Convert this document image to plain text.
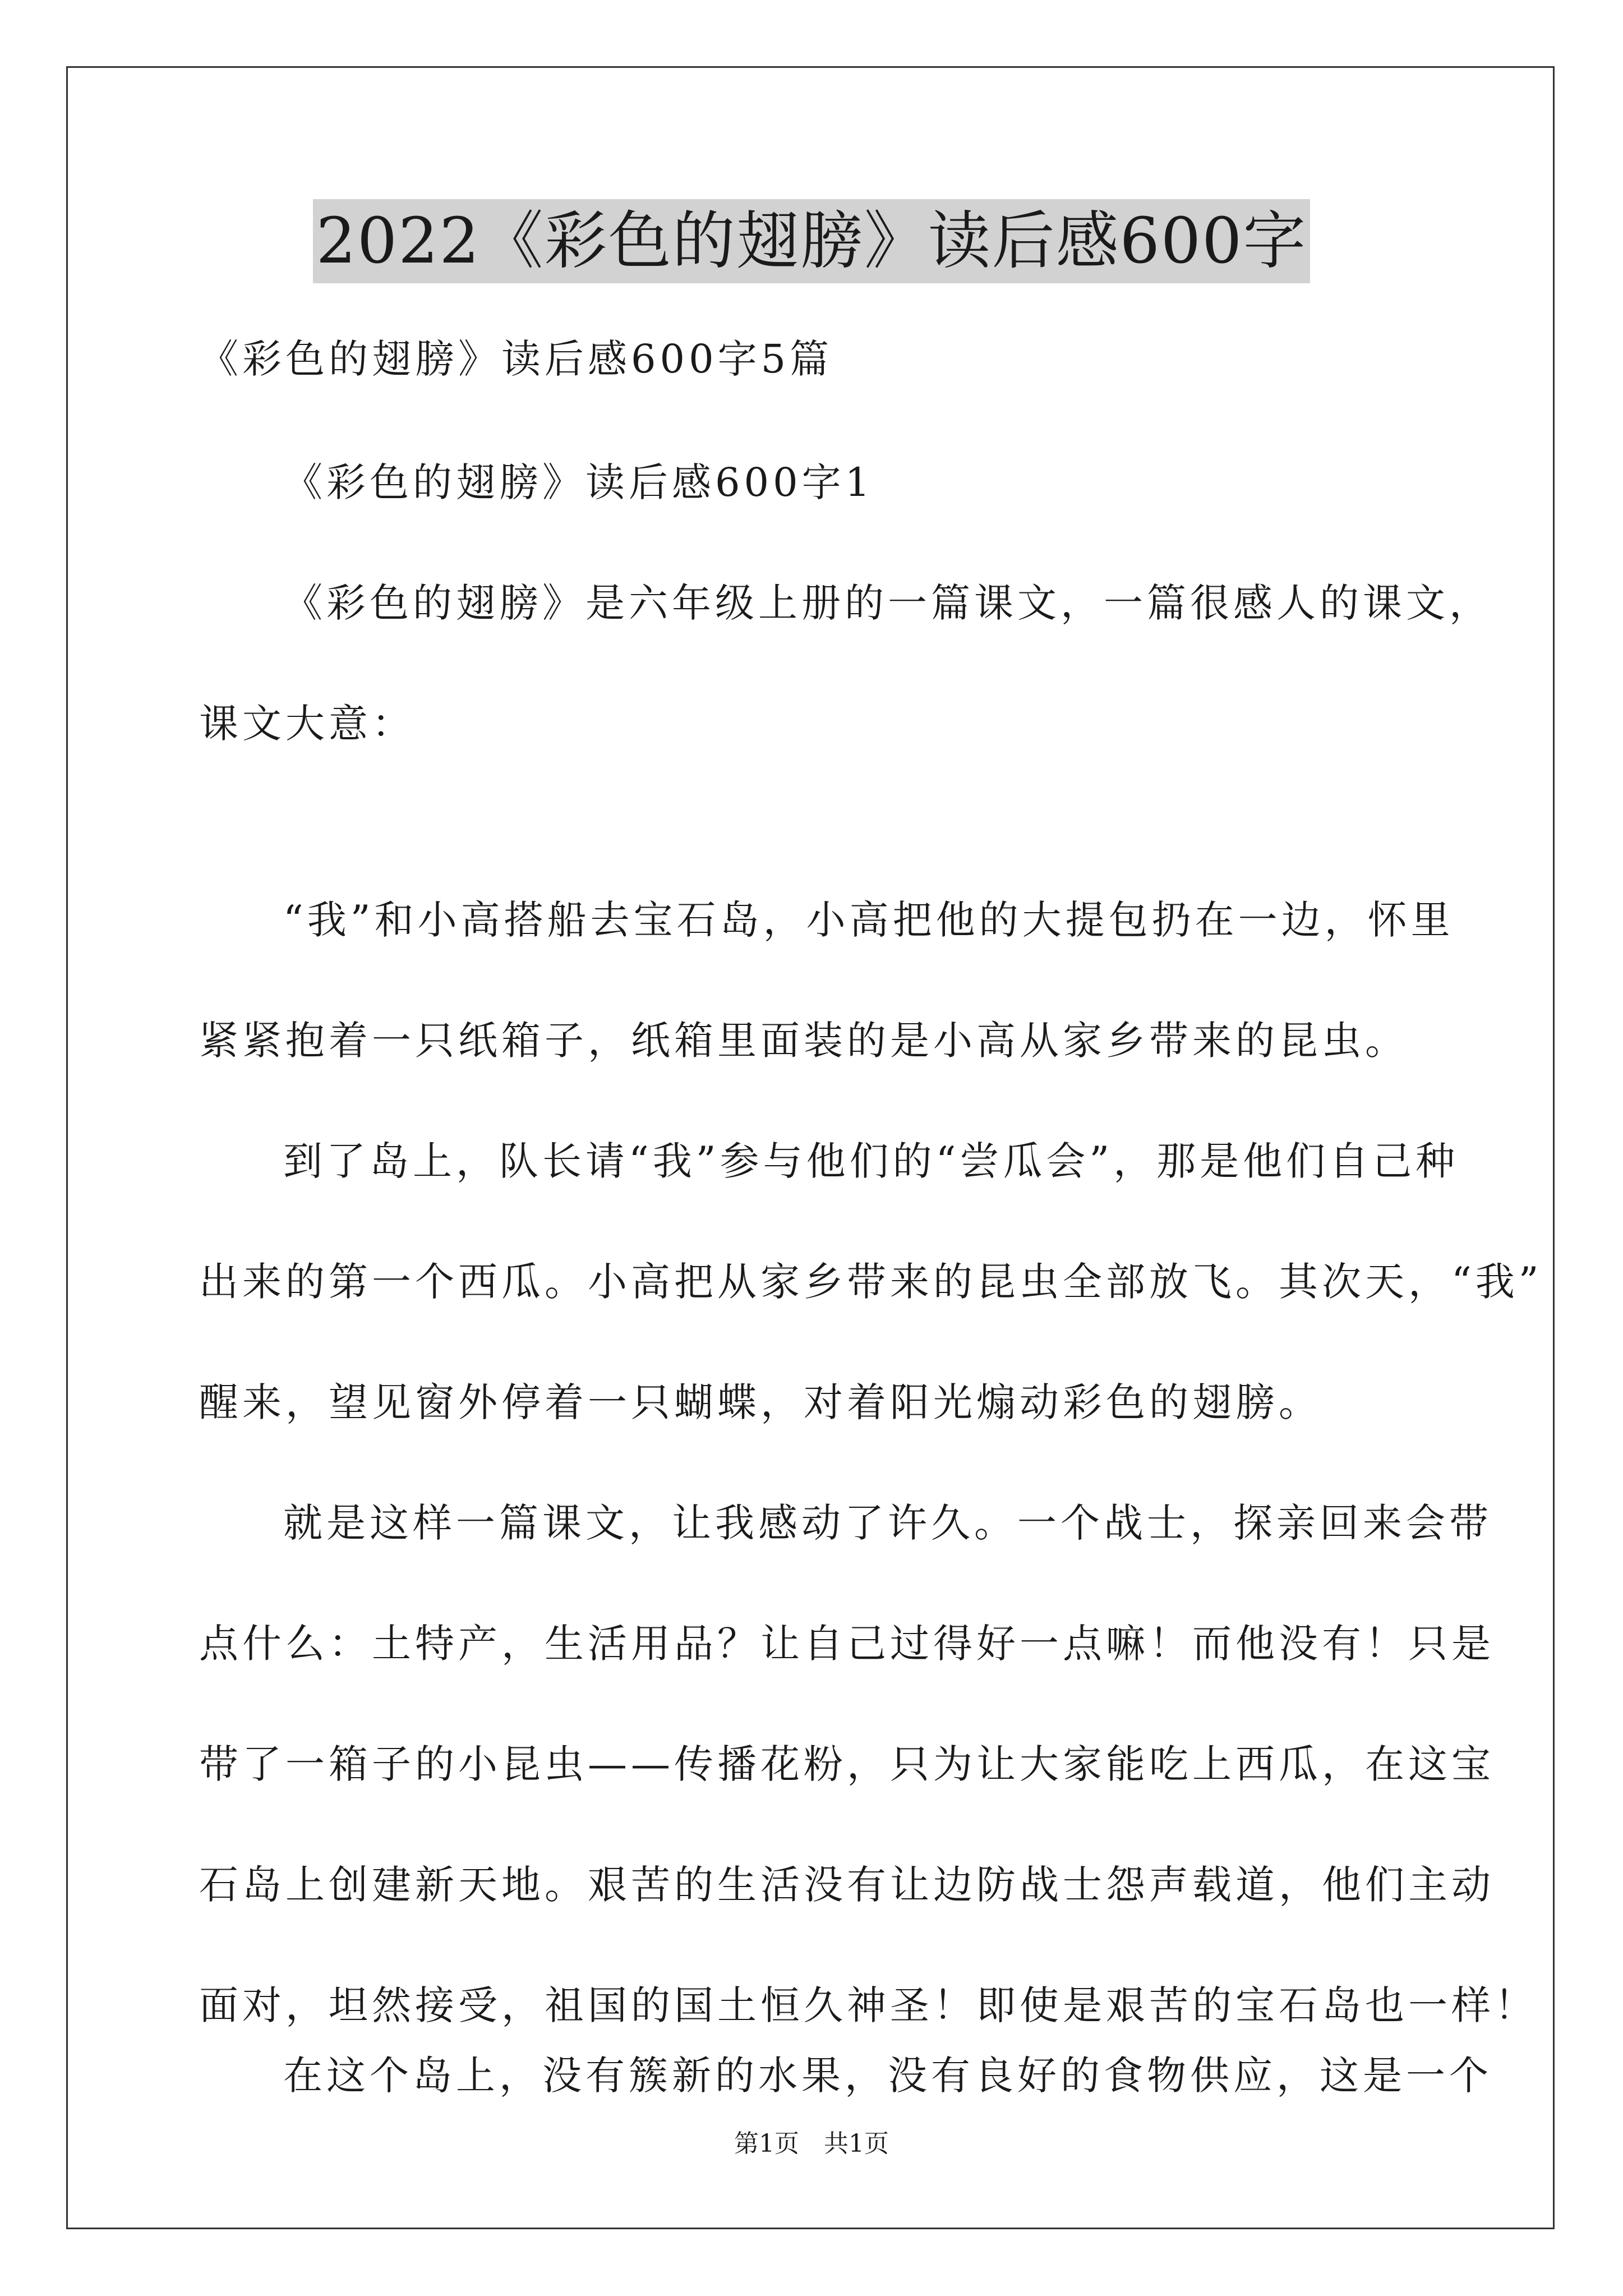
2022《彩色的翅膀》读后感600字
《彩色的翅膀》读后感600字5篇
《彩色的翅膀》读后感600字1
《彩色的翅膀》是六年级上册的一篇课文，一篇很感人的课文，
课文大意：
“我”和小高搭船去宝石岛，小高把他的大提包扔在一边，怀里
紧紧抱着一只纸箱子，纸箱里面装的是小高从家乡带来的昆虫。
到了岛上，队长请“我”参与他们的“尝瓜会”，那是他们自己种
出来的第一个西瓜。小高把从家乡带来的昆虫全部放飞。其次天，“我”
醒来，望见窗外停着一只蝴蝶，对着阳光煽动彩色的翅膀。
就是这样一篇课文，让我感动了许久。一个战士，探亲回来会带
点什么：土特产，生活用品？让自己过得好一点嘛！而他没有！只是
带了一箱子的小昆虫——传播花粉，只为让大家能吃上西瓜，在这宝
石岛上创建新天地。艰苦的生活没有让边防战士怨声载道，他们主动
面对，坦然接受，祖国的国土恒久神圣！即使是艰苦的宝石岛也一样！
在这个岛上，没有簇新的水果，没有良好的食物供应，这是一个
第1页　共1页
